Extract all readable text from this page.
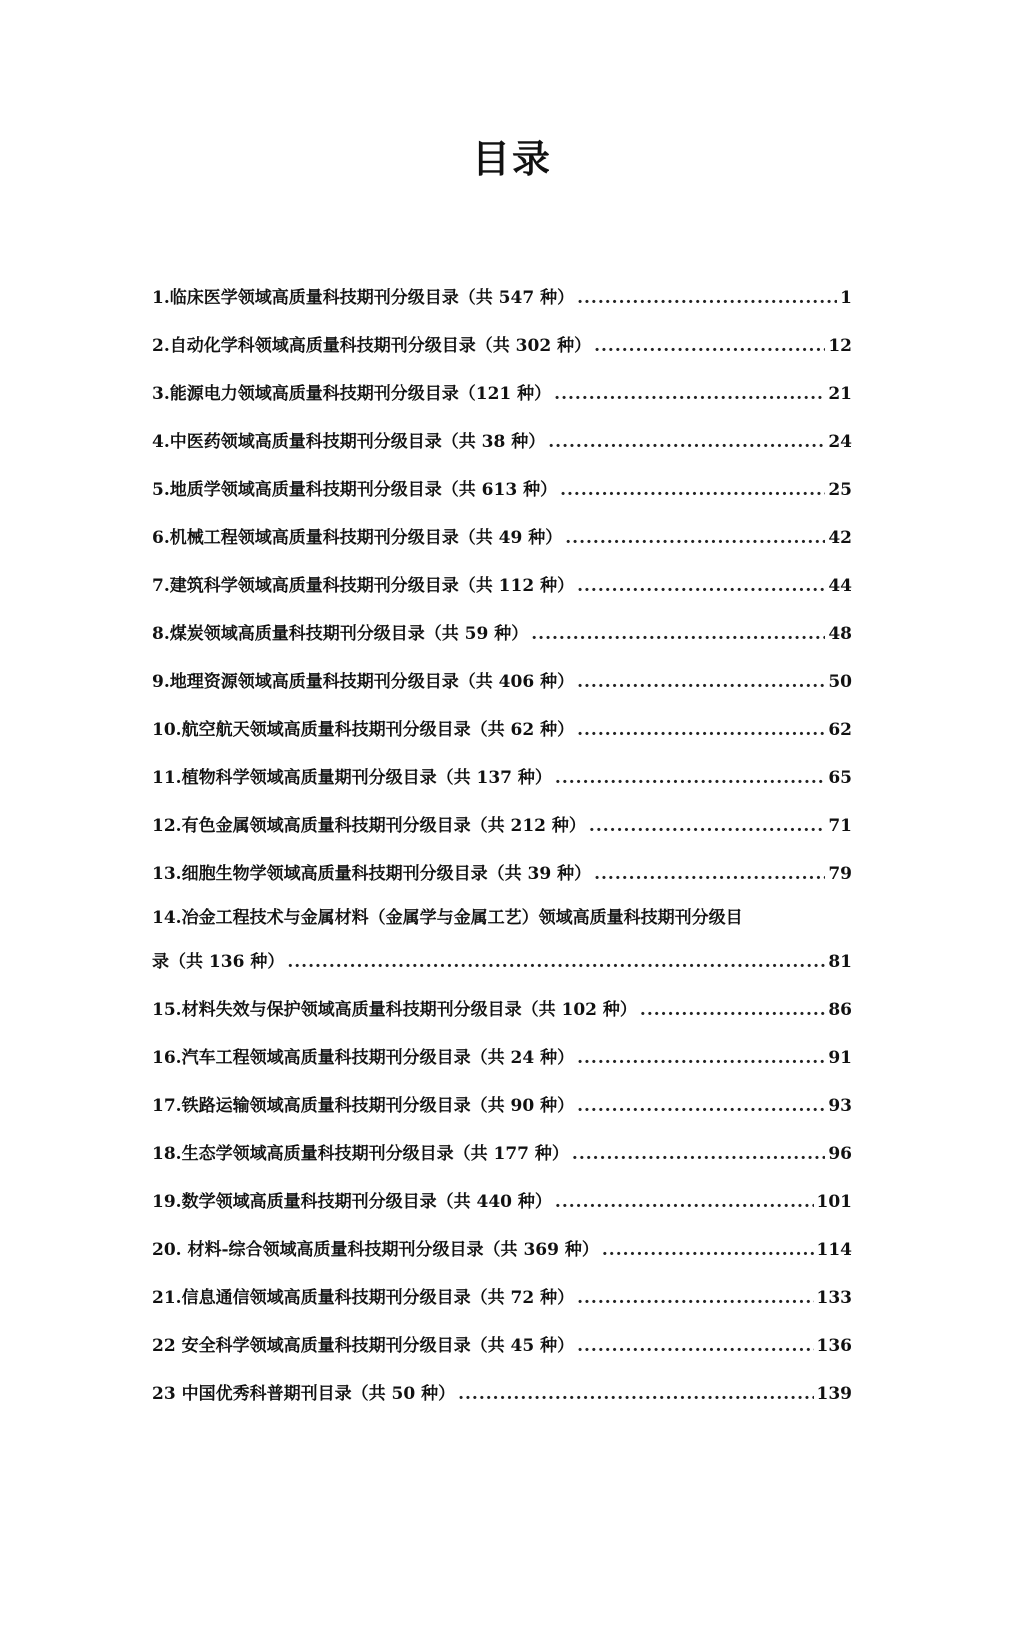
目录
1.临床医学领域高质量科技期刊分级目录（共 547 种） .....	1
2.自动化学科领域高质量科技期刊分级目录（共 302 种） .....	12
3.能源电力领域高质量科技期刊分级目录（121 种） .....	21
4.中医药领域高质量科技期刊分级目录（共 38 种） .....	24
5.地质学领域高质量科技期刊分级目录（共 613 种） .....	25
6.机械工程领域高质量科技期刊分级目录（共 49 种） .....	42
7.建筑科学领域高质量科技期刊分级目录（共 112 种） .....	44
8.煤炭领域高质量科技期刊分级目录（共 59 种） .....	48
9.地理资源领域高质量科技期刊分级目录（共 406 种） .....	50
10.航空航天领域高质量科技期刊分级目录（共 62 种） .....	62
11.植物科学领域高质量期刊分级目录（共 137 种） .....	65
12.有色金属领域高质量科技期刊分级目录（共 212 种） .....	71
13.细胞生物学领域高质量科技期刊分级目录（共 39 种） .....	79
14.冶金工程技术与金属材料（金属学与金属工艺）领域高质量科技期刊分级目
录（共 136 种） .....	81
15.材料失效与保护领域高质量科技期刊分级目录（共 102 种） .....	86
16.汽车工程领域高质量科技期刊分级目录（共 24 种） .....	91
17.铁路运输领域高质量科技期刊分级目录（共 90 种） .....	93
18.生态学领域高质量科技期刊分级目录（共 177 种） .....	96
19.数学领域高质量科技期刊分级目录（共 440 种） .....	101
20. 材料-综合领域高质量科技期刊分级目录（共 369 种） .....	114
21.信息通信领域高质量科技期刊分级目录（共 72 种） .....	133
22 安全科学领域高质量科技期刊分级目录（共 45 种） .....	136
23 中国优秀科普期刊目录（共 50 种） .....	139
